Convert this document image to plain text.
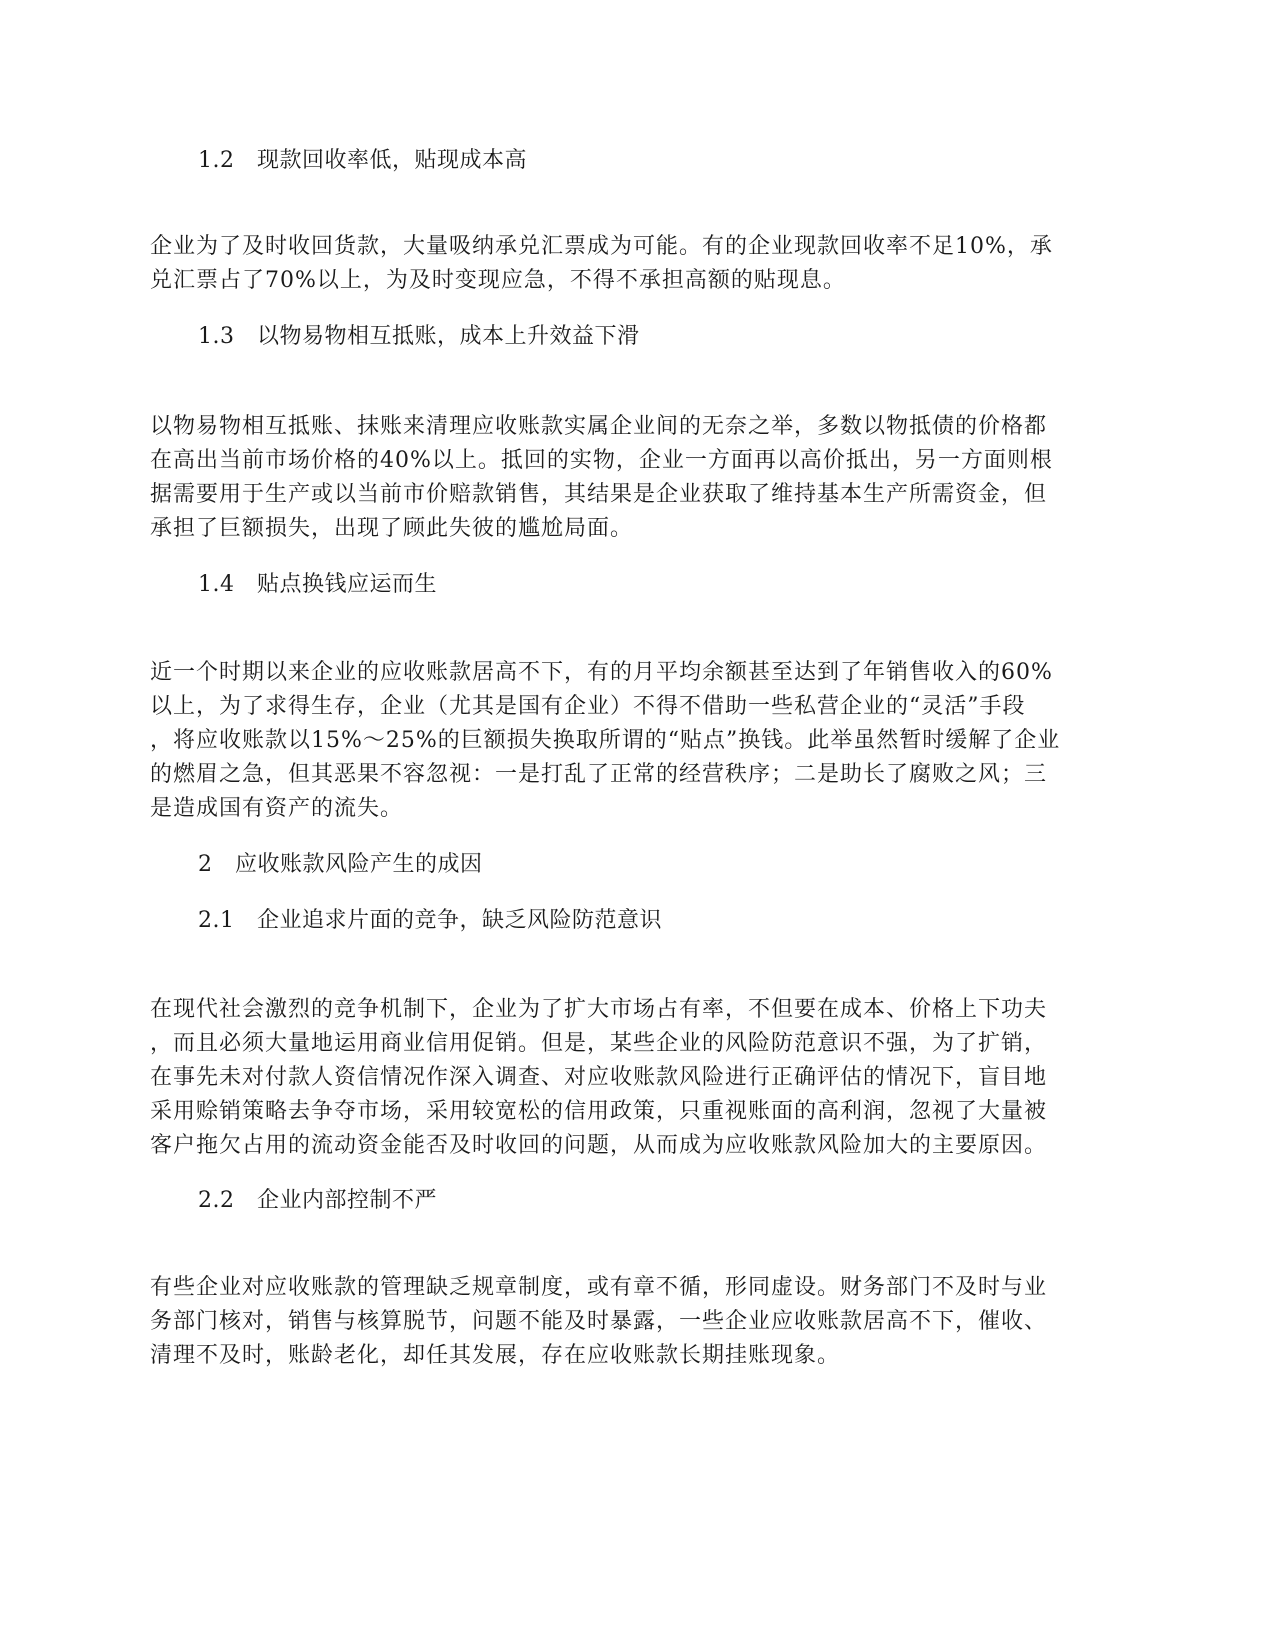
1.2　现款回收率低，贴现成本高
企业为了及时收回货款，大量吸纳承兑汇票成为可能。有的企业现款回收率不足10%，承
兑汇票占了70%以上，为及时变现应急，不得不承担高额的贴现息。
1.3　以物易物相互抵账，成本上升效益下滑
以物易物相互抵账、抹账来清理应收账款实属企业间的无奈之举，多数以物抵债的价格都
在高出当前市场价格的40%以上。抵回的实物，企业一方面再以高价抵出，另一方面则根
据需要用于生产或以当前市价赔款销售，其结果是企业获取了维持基本生产所需资金，但
承担了巨额损失，出现了顾此失彼的尴尬局面。
1.4　贴点换钱应运而生
近一个时期以来企业的应收账款居高不下，有的月平均余额甚至达到了年销售收入的60%
以上，为了求得生存，企业（尤其是国有企业）不得不借助一些私营企业的“灵活”手段
，将应收账款以15%～25%的巨额损失换取所谓的“贴点”换钱。此举虽然暂时缓解了企业
的燃眉之急，但其恶果不容忽视：一是打乱了正常的经营秩序；二是助长了腐败之风；三
是造成国有资产的流失。
2　应收账款风险产生的成因
2.1　企业追求片面的竞争，缺乏风险防范意识
在现代社会激烈的竞争机制下，企业为了扩大市场占有率，不但要在成本、价格上下功夫
，而且必须大量地运用商业信用促销。但是，某些企业的风险防范意识不强，为了扩销，
在事先未对付款人资信情况作深入调查、对应收账款风险进行正确评估的情况下，盲目地
采用赊销策略去争夺市场，采用较宽松的信用政策，只重视账面的高利润，忽视了大量被
客户拖欠占用的流动资金能否及时收回的问题，从而成为应收账款风险加大的主要原因。
2.2　企业内部控制不严
有些企业对应收账款的管理缺乏规章制度，或有章不循，形同虚设。财务部门不及时与业
务部门核对，销售与核算脱节，问题不能及时暴露，一些企业应收账款居高不下，催收、
清理不及时，账龄老化，却任其发展，存在应收账款长期挂账现象。
